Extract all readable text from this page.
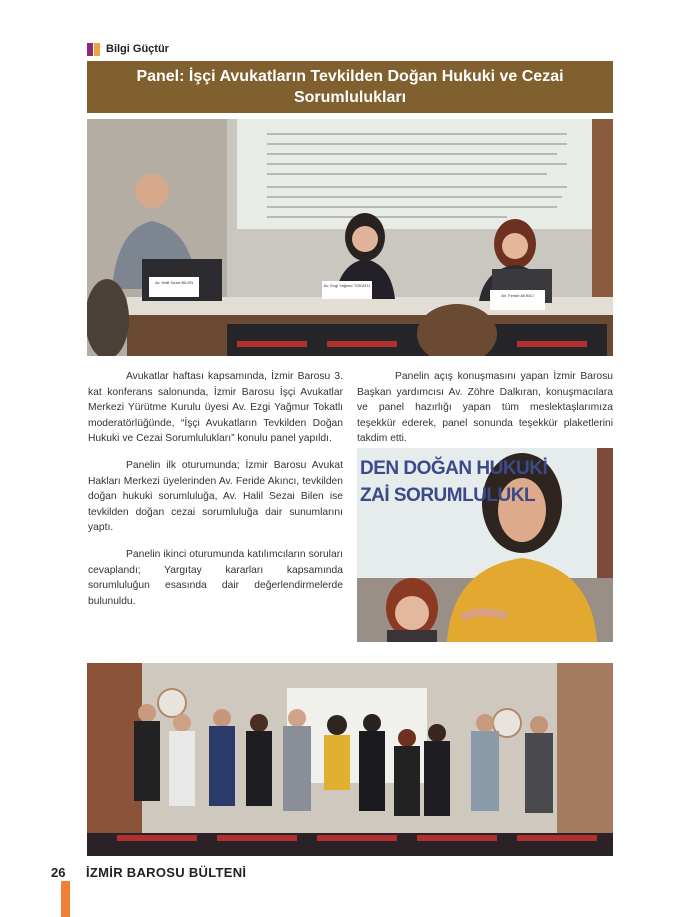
Bilgi Güçtür
Panel: İşçi Avukatların Tevkilden Doğan Hukuki ve Cezai Sorumlulukları
Av. Halil Sezai BİLEN
Av. Ezgi Yağmur TOKATLI
AV. Feride AKINCI

Avukatlar haftası kapsamında, İzmir Barosu 3. kat konferans salonunda, İzmir Barosu İşçi Avukatlar Merkezi Yürütme Kurulu üyesi Av. Ezgi Yağmur Tokatlı moderatörlüğünde, “İşçi Avukatların Tevkilden Doğan Hukuki ve Cezai Sorumlulukları” konulu panel yapıldı.

Panelin ilk oturumunda; İzmir Barosu Avukat Hakları Merkezi üyelerinden Av. Feride Akıncı, tevkilden doğan hukuki sorumluluğa, Av. Halil Sezai Bilen ise tevkilden doğan cezai sorumluluğa dair sunumlarını yaptı.

Panelin ikinci oturumunda katılımcıların soruları cevaplandı; Yargıtay kararları kapsamında sorumluluğun esasında dair değerlendirmelerde bulunuldu.

Panelin açış konuşmasını yapan İzmir Barosu Başkan yardımcısı Av. Zöhre Dalkıran, konuşmacılara ve panel hazırlığı yapan tüm meslektaşlarımıza teşekkür ederek, panel sonunda teşekkür plaketlerini takdim etti.

DEN DOĞAN HUKUKİ
ZAİ SORUMLULUKL
26 İZMİR BAROSU BÜLTENİ
